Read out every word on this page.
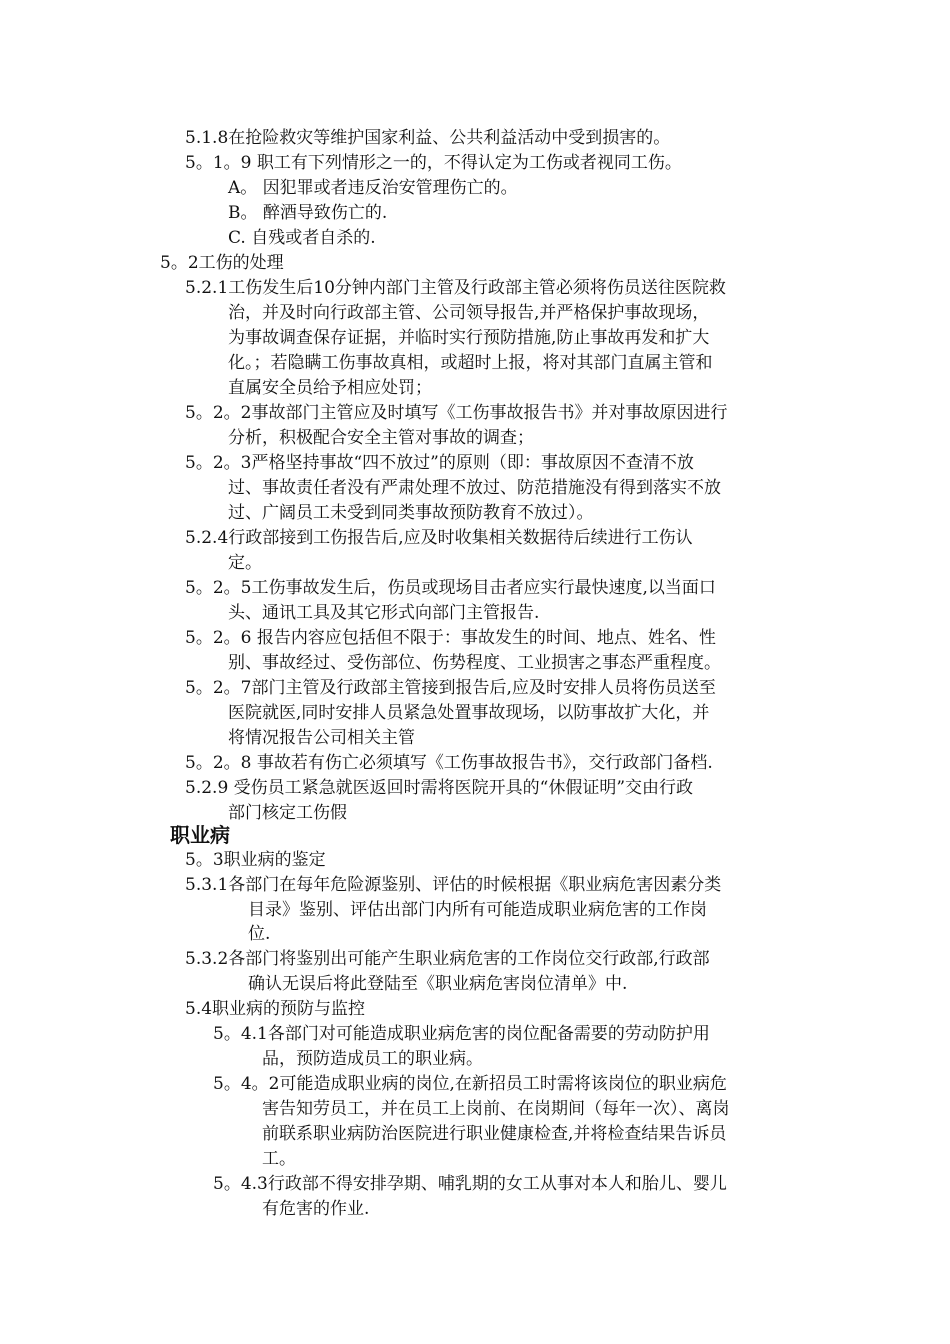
5.1.8在抢险救灾等维护国家利益、公共利益活动中受到损害的。
5。1。9 职工有下列情形之一的，不得认定为工伤或者视同工伤。
A。 因犯罪或者违反治安管理伤亡的。
B。 醉酒导致伤亡的.
C. 自残或者自杀的.
5。2工伤的处理
5.2.1工伤发生后10分钟内部门主管及行政部主管必须将伤员送往医院救
治，并及时向行政部主管、公司领导报告,并严格保护事故现场，
为事故调查保存证据，并临时实行预防措施,防止事故再发和扩大
化。；若隐瞒工伤事故真相，或超时上报，将对其部门直属主管和
直属安全员给予相应处罚；
5。2。2事故部门主管应及时填写《工伤事故报告书》并对事故原因进行
分析，积极配合安全主管对事故的调查；
5。2。3严格坚持事故“四不放过”的原则（即：事故原因不查清不放
过、事故责任者没有严肃处理不放过、防范措施没有得到落实不放
过、广阔员工未受到同类事故预防教育不放过）。
5.2.4行政部接到工伤报告后,应及时收集相关数据待后续进行工伤认
定。
5。2。5工伤事故发生后，伤员或现场目击者应实行最快速度,以当面口
头、通讯工具及其它形式向部门主管报告.
5。2。6 报告内容应包括但不限于：事故发生的时间、地点、姓名、性
别、事故经过、受伤部位、伤势程度、工业损害之事态严重程度。
5。2。7部门主管及行政部主管接到报告后,应及时安排人员将伤员送至
医院就医,同时安排人员紧急处置事故现场，以防事故扩大化，并
将情况报告公司相关主管
5。2。8 事故若有伤亡必须填写《工伤事故报告书》，交行政部门备档.
5.2.9 受伤员工紧急就医返回时需将医院开具的“休假证明”交由行政
部门核定工伤假
职业病
5。3职业病的鉴定
5.3.1各部门在每年危险源鉴别、评估的时候根据《职业病危害因素分类
目录》鉴别、评估出部门内所有可能造成职业病危害的工作岗
位.
5.3.2各部门将鉴别出可能产生职业病危害的工作岗位交行政部,行政部
确认无误后将此登陆至《职业病危害岗位清单》中.
5.4职业病的预防与监控
5。4.1各部门对可能造成职业病危害的岗位配备需要的劳动防护用
品，预防造成员工的职业病。
5。4。2可能造成职业病的岗位,在新招员工时需将该岗位的职业病危
害告知劳员工，并在员工上岗前、在岗期间（每年一次）、离岗
前联系职业病防治医院进行职业健康检查,并将检查结果告诉员
工。
5。4.3行政部不得安排孕期、哺乳期的女工从事对本人和胎儿、婴儿
有危害的作业.
